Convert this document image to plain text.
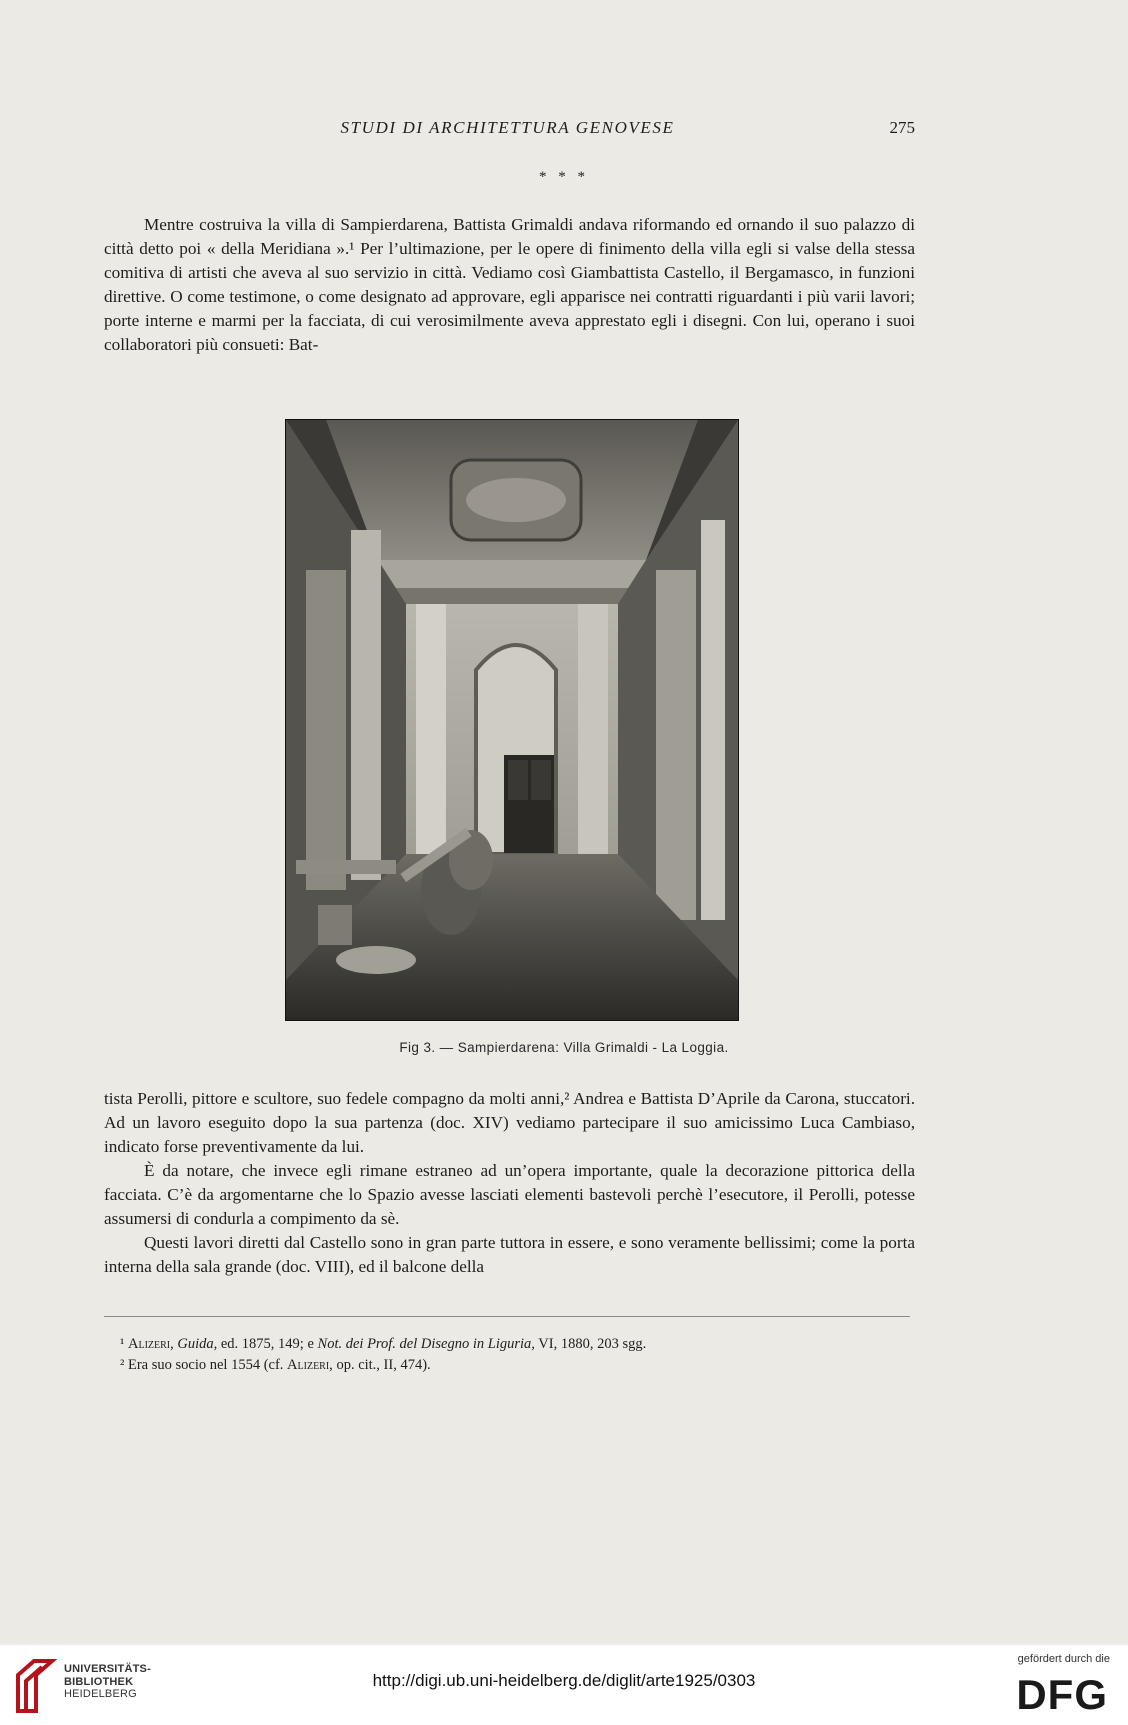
STUDI DI ARCHITETTURA GENOVESE	275
* * *

Mentre costruiva la villa di Sampierdarena, Battista Grimaldi andava riformando ed ornando il suo palazzo di città detto poi « della Meridiana ».¹ Per l’ultimazione, per le opere di finimento della villa egli si valse della stessa comitiva di artisti che aveva al suo servizio in città. Vediamo così Giambattista Castello, il Bergamasco, in funzioni direttive. O come testimone, o come designato ad approvare, egli apparisce nei contratti riguardanti i più varii lavori; porte interne e marmi per la facciata, di cui verosimilmente aveva apprestato egli i disegni. Con lui, operano i suoi collaboratori più consueti: Bat-

Fig 3. — Sampierdarena: Villa Grimaldi - La Loggia.

tista Perolli, pittore e scultore, suo fedele compagno da molti anni,² Andrea e Battista D’Aprile da Carona, stuccatori. Ad un lavoro eseguito dopo la sua partenza (doc. XIV) vediamo partecipare il suo amicissimo Luca Cambiaso, indicato forse preventivamente da lui.

È da notare, che invece egli rimane estraneo ad un’opera importante, quale la decorazione pittorica della facciata. C’è da argomentarne che lo Spazio avesse lasciati elementi bastevoli perchè l’esecutore, il Perolli, potesse assumersi di condurla a compimento da sè.

Questi lavori diretti dal Castello sono in gran parte tuttora in essere, e sono veramente bellissimi; come la porta interna della sala grande (doc. VIII), ed il balcone della

¹ Alizeri, Guida, ed. 1875, 149; e Not. dei Prof. del Disegno in Liguria, VI, 1880, 203 sgg.
² Era suo socio nel 1554 (cf. Alizeri, op. cit., II, 474).
UNIVERSITÄTS-
BIBLIOTHEK
HEIDELBERG
http://digi.ub.uni-heidelberg.de/diglit/arte1925/0303
gefördert durch die
DFG
